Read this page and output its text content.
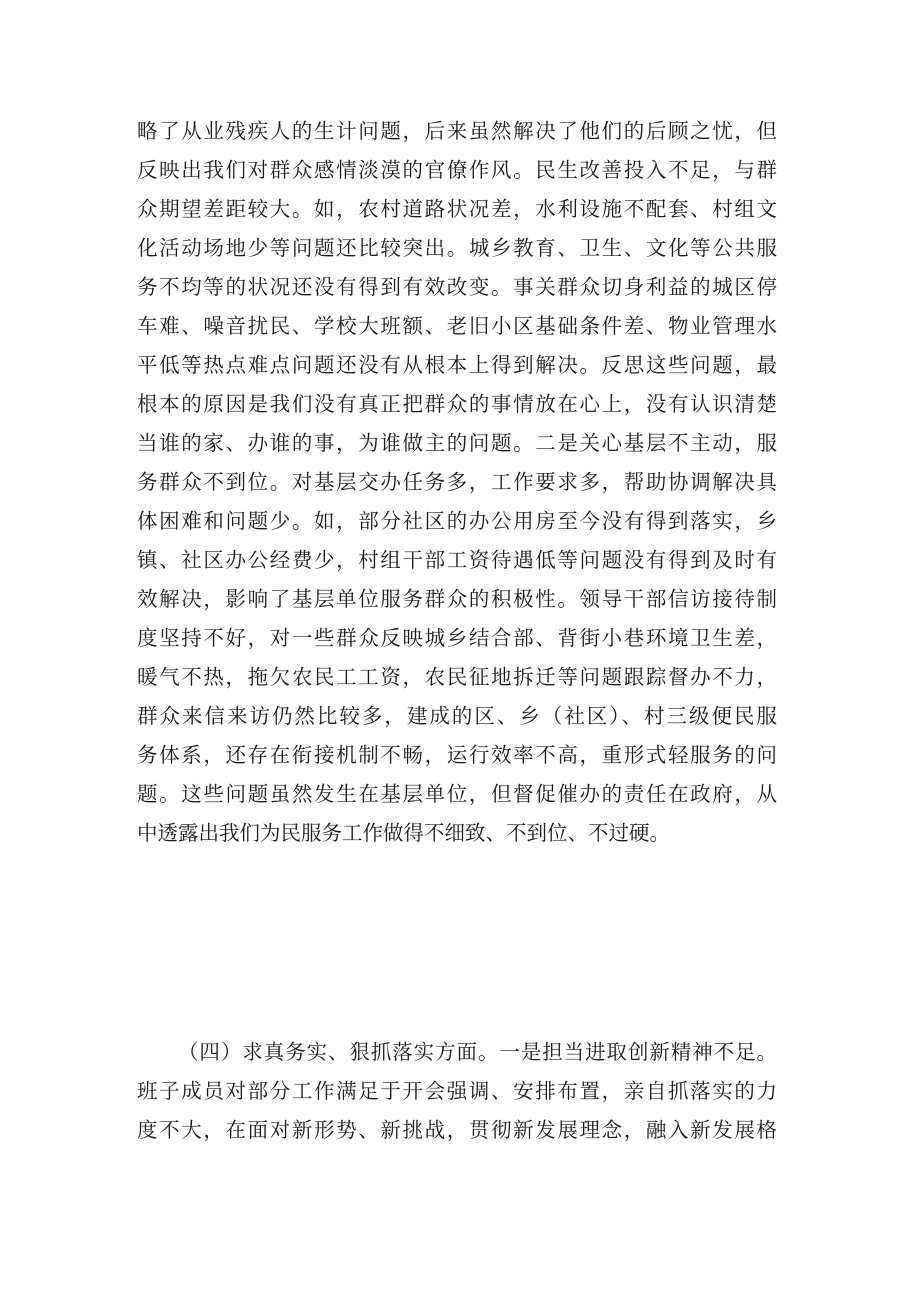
略了从业残疾人的生计问题，后来虽然解决了他们的后顾之忧，但
反映出我们对群众感情淡漠的官僚作风。民生改善投入不足，与群
众期望差距较大。如，农村道路状况差，水利设施不配套、村组文
化活动场地少等问题还比较突出。城乡教育、卫生、文化等公共服
务不均等的状况还没有得到有效改变。事关群众切身利益的城区停
车难、噪音扰民、学校大班额、老旧小区基础条件差、物业管理水
平低等热点难点问题还没有从根本上得到解决。反思这些问题，最
根本的原因是我们没有真正把群众的事情放在心上，没有认识清楚
当谁的家、办谁的事，为谁做主的问题。二是关心基层不主动，服
务群众不到位。对基层交办任务多，工作要求多，帮助协调解决具
体困难和问题少。如，部分社区的办公用房至今没有得到落实，乡
镇、社区办公经费少，村组干部工资待遇低等问题没有得到及时有
效解决，影响了基层单位服务群众的积极性。领导干部信访接待制
度坚持不好，对一些群众反映城乡结合部、背街小巷环境卫生差，
暖气不热，拖欠农民工工资，农民征地拆迁等问题跟踪督办不力，
群众来信来访仍然比较多，建成的区、乡（社区）、村三级便民服
务体系，还存在衔接机制不畅，运行效率不高，重形式轻服务的问
题。这些问题虽然发生在基层单位，但督促催办的责任在政府，从
中透露出我们为民服务工作做得不细致、不到位、不过硬。
（四）求真务实、狠抓落实方面。一是担当进取创新精神不足。
班子成员对部分工作满足于开会强调、安排布置，亲自抓落实的力
度不大，在面对新形势、新挑战，贯彻新发展理念，融入新发展格
